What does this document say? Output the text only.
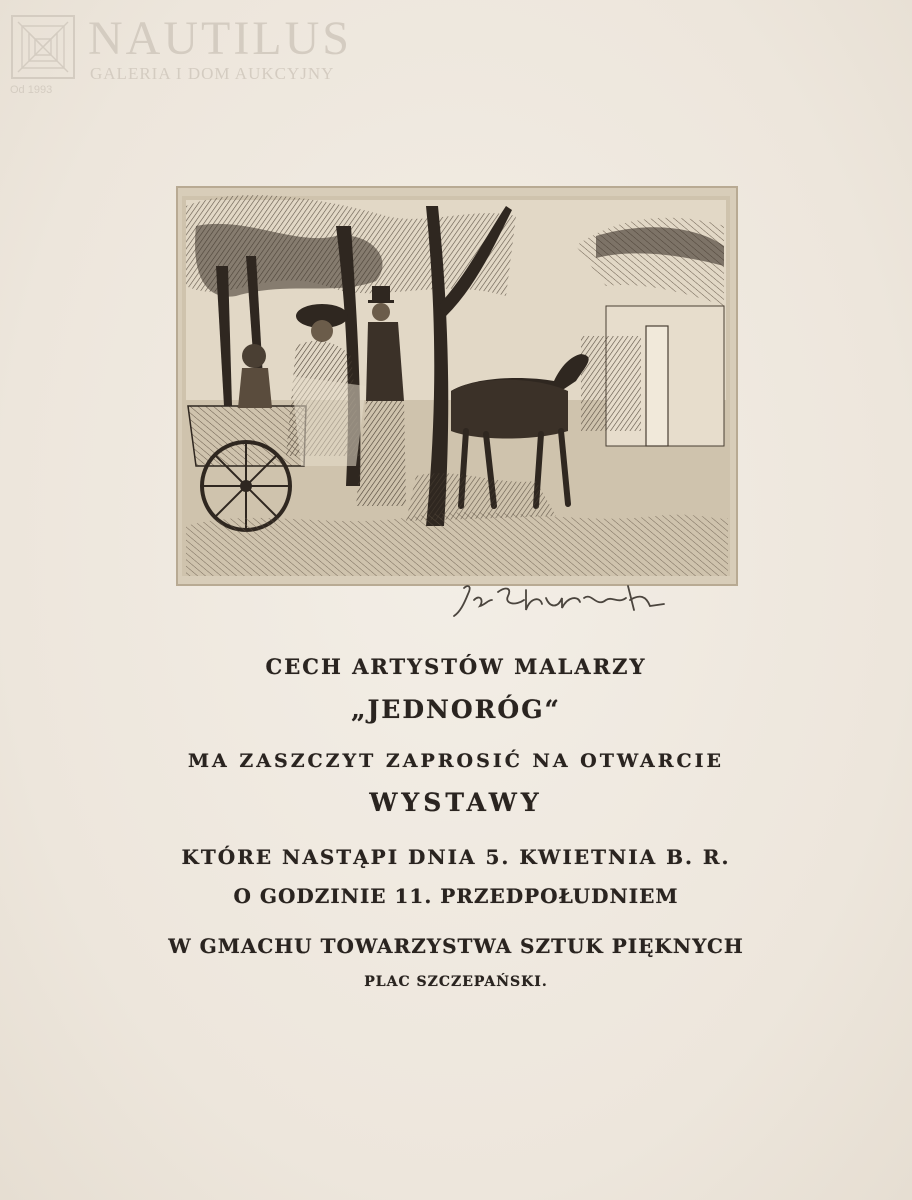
NAUTILUS
GALERIA I DOM AUKCYJNY
Od 1993
CECH ARTYSTÓW MALARZY
„JEDNORÓG“
MA ZASZCZYT ZAPROSIĆ NA OTWARCIE
WYSTAWY
KTÓRE NASTĄPI DNIA 5. KWIETNIA B. R.
O GODZINIE 11. PRZEDPOŁUDNIEM
W GMACHU TOWARZYSTWA SZTUK PIĘKNYCH
PLAC SZCZEPAŃSKI.
